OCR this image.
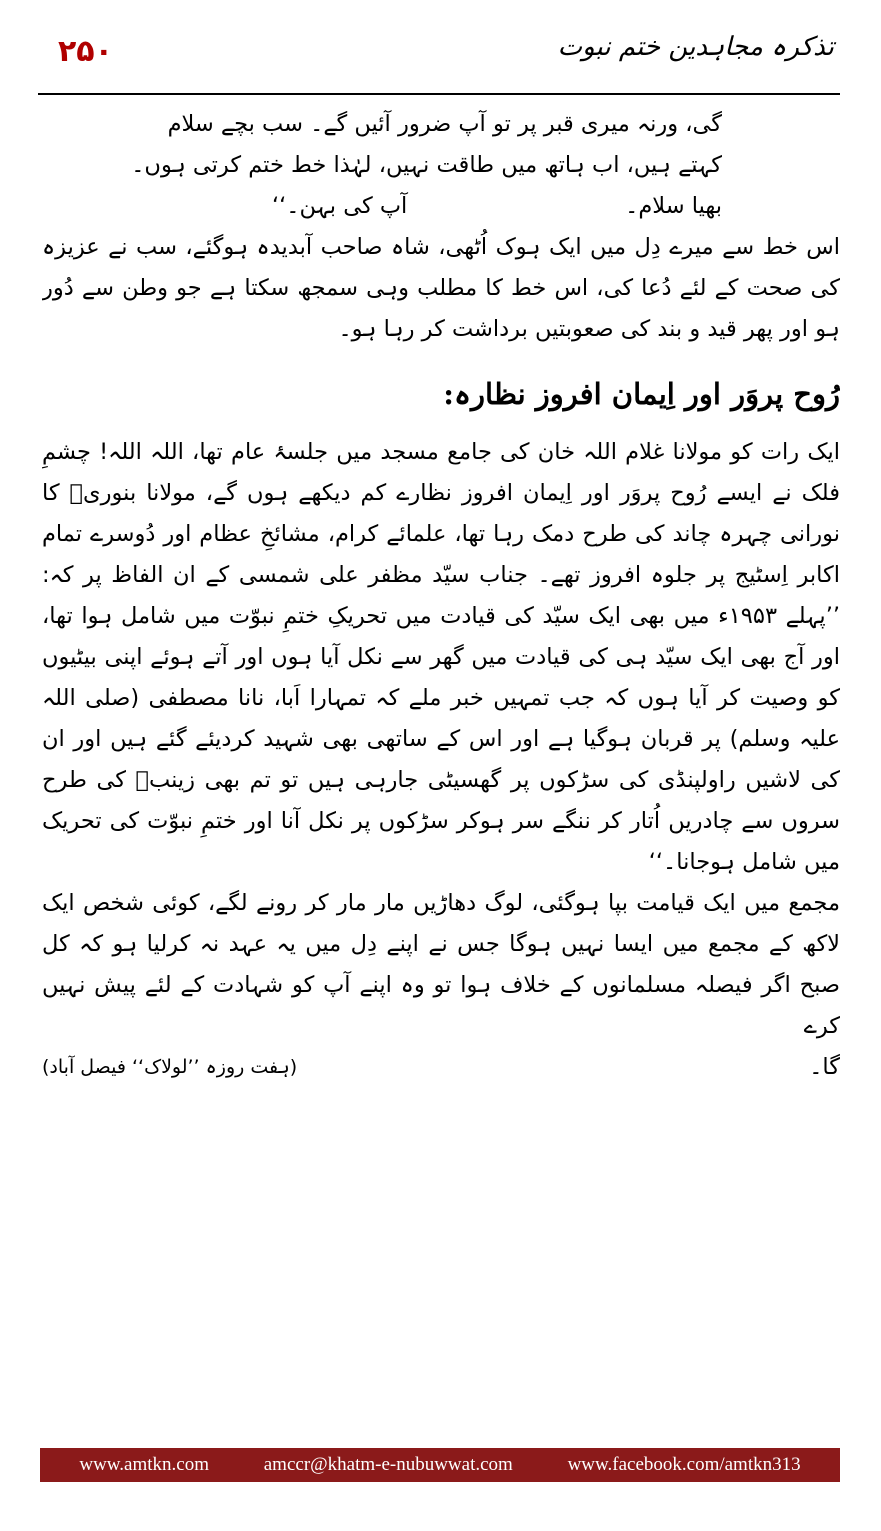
۲۵۰	تذکرہ مجاہدین ختم نبوت

گی، ورنہ میری قبر پر تو آپ ضرور آئیں گے۔ سب بچے سلام

کہتے ہیں، اب ہاتھ میں طاقت نہیں، لہٰذا خط ختم کرتی ہوں۔

بھیا سلام۔
آپ کی بہن۔‘‘

اس خط سے میرے دِل میں ایک ہوک اُٹھی، شاہ صاحب آبدیدہ ہوگئے، سب نے عزیزہ کی صحت کے لئے دُعا کی، اس خط کا مطلب وہی سمجھ سکتا ہے جو وطن سے دُور ہو اور پھر قید و بند کی صعوبتیں برداشت کر رہا ہو۔

رُوح پروَر اور اِیمان افروز نظارہ:

ایک رات کو مولانا غلام اللہ خان کی جامع مسجد میں جلسۂ عام تھا، اللہ اللہ! چشمِ فلک نے ایسے رُوح پروَر اور اِیمان افروز نظارے کم دیکھے ہوں گے، مولانا بنوریؒ کا نورانی چہرہ چاند کی طرح دمک رہا تھا، علمائے کرام، مشائخِ عظام اور دُوسرے تمام اکابر اِسٹیج پر جلوہ افروز تھے۔ جناب سیّد مظفر علی شمسی کے ان الفاظ پر کہ: ’’پہلے ۱۹۵۳ء میں بھی ایک سیّد کی قیادت میں تحریکِ ختمِ نبوّت میں شامل ہوا تھا، اور آج بھی ایک سیّد ہی کی قیادت میں گھر سے نکل آیا ہوں اور آتے ہوئے اپنی بیٹیوں کو وصیت کر آیا ہوں کہ جب تمہیں خبر ملے کہ تمہارا اَبا، نانا مصطفی (صلی اللہ علیہ وسلم) پر قربان ہوگیا ہے اور اس کے ساتھی بھی شہید کردیئے گئے ہیں اور ان کی لاشیں راولپنڈی کی سڑکوں پر گھسیٹی جارہی ہیں تو تم بھی زینبؓ کی طرح سروں سے چادریں اُتار کر ننگے سر ہوکر سڑکوں پر نکل آنا اور ختمِ نبوّت کی تحریک میں شامل ہوجانا۔‘‘

مجمع میں ایک قیامت بپا ہوگئی، لوگ دھاڑیں مار مار کر رونے لگے، کوئی شخص ایک لاکھ کے مجمع میں ایسا نہیں ہوگا جس نے اپنے دِل میں یہ عہد نہ کرلیا ہو کہ کل صبح اگر فیصلہ مسلمانوں کے خلاف ہوا تو وہ اپنے آپ کو شہادت کے لئے پیش نہیں کرے

گا۔
(ہفت روزہ ’’لولاک‘‘ فیصل آباد)
www.amtkn.com	amccr@khatm-e-nubuwwat.com	www.facebook.com/amtkn313
